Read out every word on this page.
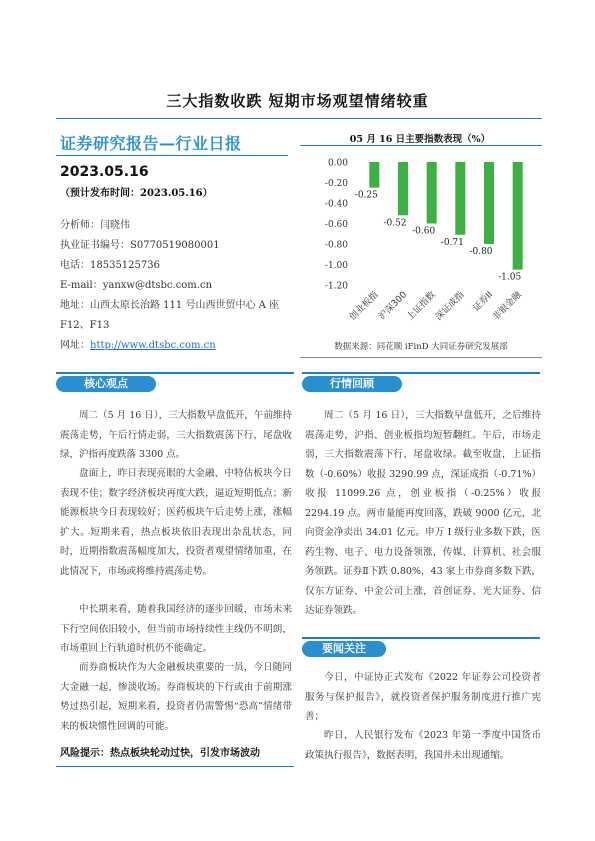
三大指数收跌 短期市场观望情绪较重
证券研究报告—行业日报
2023.05.16
（预计发布时间：2023.05.16）
分析师：闫晓伟
执业证书编号：S0770519080001
电话：18535125736
E-mail：yanxw@dtsbc.com.cn
地址：山西太原长治路 111 号山西世贸中心 A 座
F12、F13
网址：http://www.dtsbc.com.cn
05 月 16 日主要指数表现（%）
0.00
-0.20
-0.40
-0.60
-0.80
-1.00
-1.20
-0.25
创业板指
-0.52
沪深300
-0.60
上证指数
-0.71
深证成指
-0.80
证券II
-1.05
非银金融
数据来源：同花顺 iFinD 大同证券研究发展部
核心观点
周二（5 月 16 日），三大指数早盘低开，午前维持震荡走势，午后行情走弱，三大指数震荡下行，尾盘收绿，沪指再度跌落 3300 点。
盘面上，昨日表现亮眼的大金融、中特估板块今日表现不佳；数字经济板块再度大跌，逼近短期低点；新能源板块今日表现较好；医药板块午后走势上涨，涨幅扩大。短期来看，热点板块依旧表现出杂乱状态，同时，近期指数震荡幅度加大，投资者观望情绪加重，在此情况下，市场或将维持震荡走势。
中长期来看，随着我国经济的逐步回暖，市场未来下行空间依旧较小，但当前市场持续性主线仍不明朗，市场重回上行轨道时机仍不能确定。
而券商板块作为大金融板块重要的一员，今日随同大金融一起，惨淡收场。券商板块的下行或由于前期涨势过热引起，短期来看，投资者仍需警惕“恐高”情绪带来的板块惯性回调的可能。
风险提示：热点板块轮动过快，引发市场波动
行情回顾
周二（5 月 16 日），三大指数早盘低开，之后维持震荡走势，沪指、创业板指均短暂翻红。午后，市场走弱，三大指数震荡下行，尾盘收绿。截至收盘，上证指数（-0.60%）收报 3290.99 点，深证成指（-0.71%）收报 11099.26 点，创业板指（-0.25%）收报 2294.19 点。两市量能再度回落，跌破 9000 亿元，北向资金净卖出 34.01 亿元。申万 I 级行业多数下跌，医药生物、电子、电力设备领涨，传媒、计算机、社会服务领跌。证券Ⅱ下跌 0.80%，43 家上市券商多数下跌，仅东方证券、中金公司上涨，首创证券、光大证券、信达证券领跌。
要闻关注
今日，中证协正式发布《2022 年证券公司投资者服务与保护报告》，就投资者保护服务制度进行推广宪善；
昨日，人民银行发布《2023 年第一季度中国货币政策执行报告》，数据表明，我国并未出现通缩。
